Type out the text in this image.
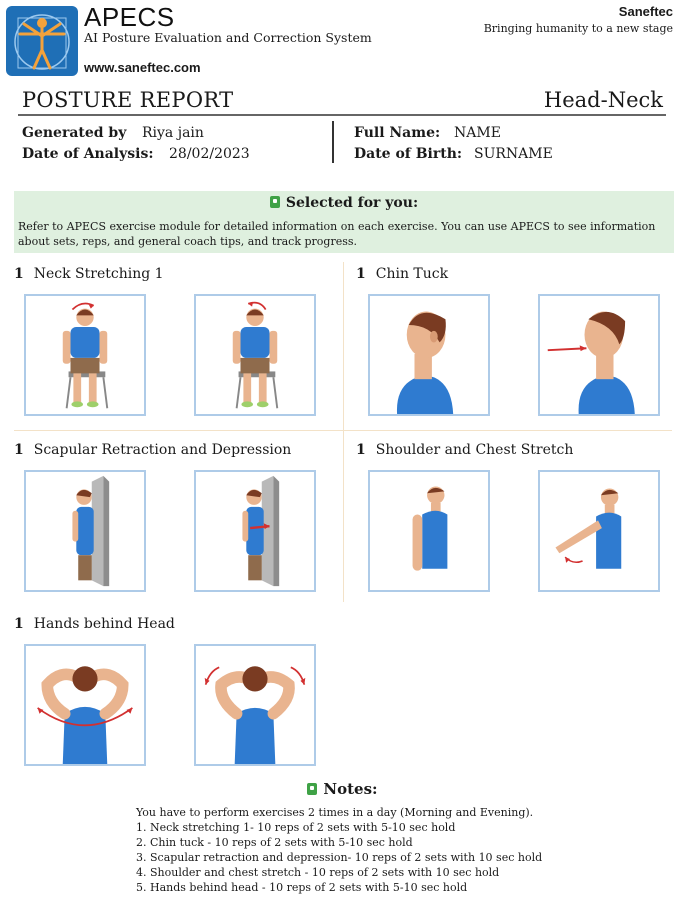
APECS
AI Posture Evaluation and Correction System
www.saneftec.com
Saneftec
Bringing humanity to a new stage
POSTURE REPORT	Head-Neck
Generated by Riya jain
Date of Analysis: 28/02/2023
Full Name: NAME
Date of Birth: SURNAME
Selected for you:
Refer to APECS exercise module for detailed information on each exercise. You can use APECS to see information about sets, reps, and general coach tips, and track progress.
1 Neck Stretching 1	1 Chin Tuck
1 Scapular Retraction and Depression	1 Shoulder and Chest Stretch
1 Hands behind Head
Notes:
You have to perform exercises 2 times in a day (Morning and Evening).
1. Neck stretching 1- 10 reps of 2 sets with 5-10 sec hold
2. Chin tuck - 10 reps of 2 sets with 5-10 sec hold
3. Scapular retraction and depression- 10 reps of 2 sets with 10 sec hold
4. Shoulder and chest stretch - 10 reps of 2 sets with 10 sec hold
5. Hands behind head - 10 reps of 2 sets with 5-10 sec hold
